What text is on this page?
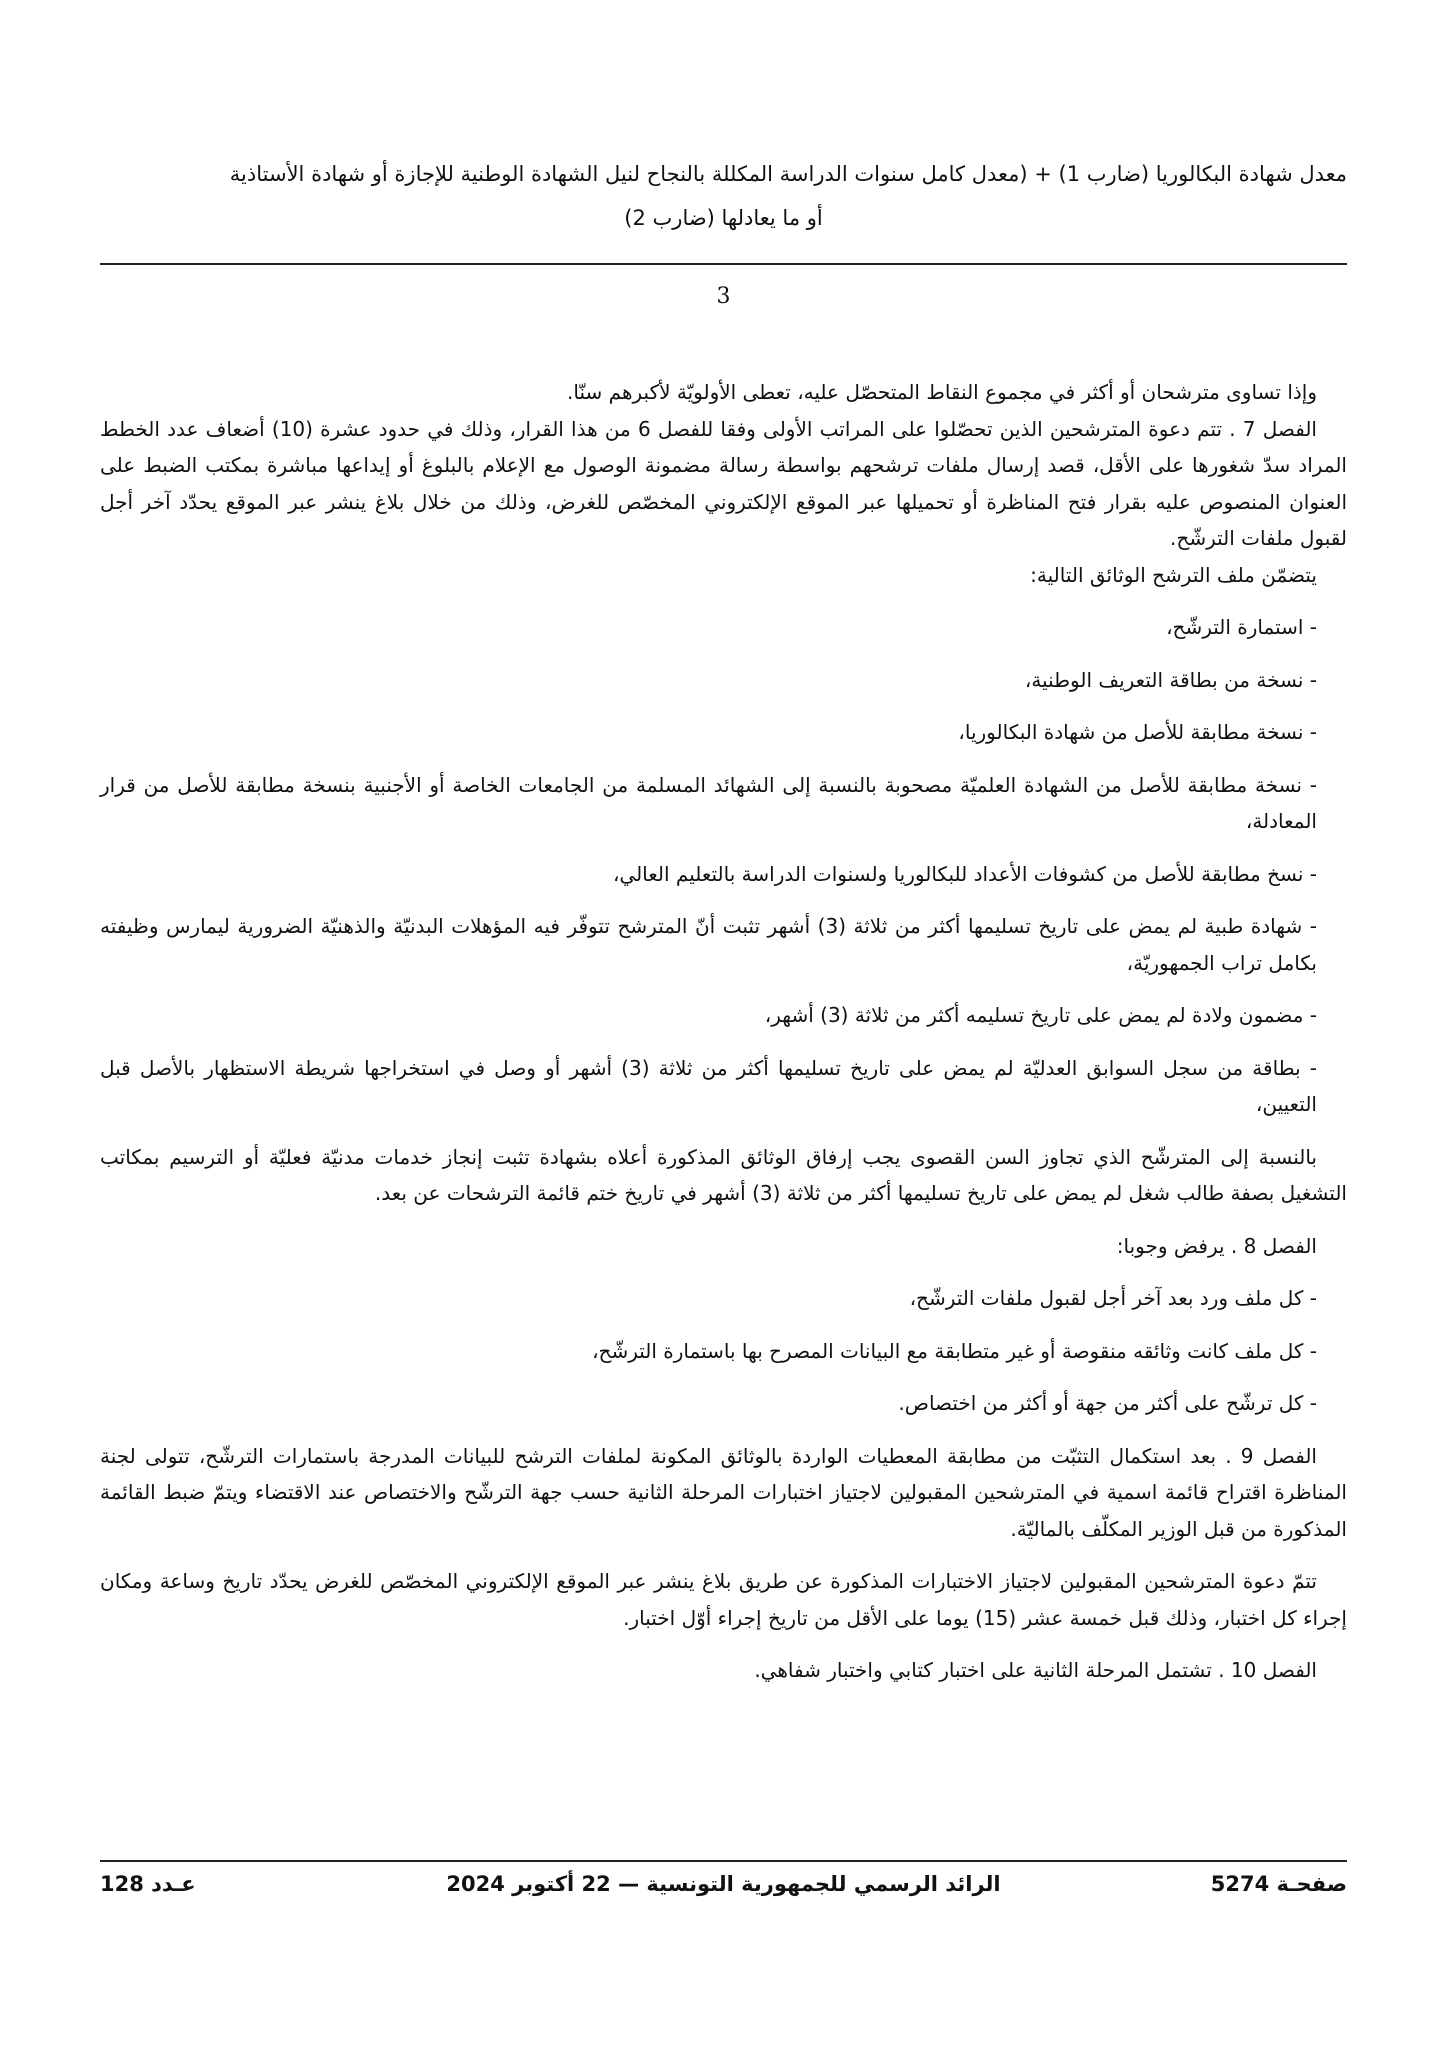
معدل شهادة البكالوريا (ضارب 1) + (معدل كامل سنوات الدراسة المكللة بالنجاح لنيل الشهادة الوطنية للإجازة أو شهادة الأستاذية
أو ما يعادلها (ضارب 2)
3

وإذا تساوى مترشحان أو أكثر في مجموع النقاط المتحصّل عليه، تعطى الأولويّة لأكبرهم سنّا.

الفصل 7 . تتم دعوة المترشحين الذين تحصّلوا على المراتب الأولى وفقا للفصل 6 من هذا القرار، وذلك في حدود عشرة (10) أضعاف عدد الخطط المراد سدّ شغورها على الأقل، قصد إرسال ملفات ترشحهم بواسطة رسالة مضمونة الوصول مع الإعلام بالبلوغ أو إيداعها مباشرة بمكتب الضبط على العنوان المنصوص عليه بقرار فتح المناظرة أو تحميلها عبر الموقع الإلكتروني المخصّص للغرض، وذلك من خلال بلاغ ينشر عبر الموقع يحدّد آخر أجل لقبول ملفات الترشّح.

يتضمّن ملف الترشح الوثائق التالية:

- استمارة الترشّح،

- نسخة من بطاقة التعريف الوطنية،

- نسخة مطابقة للأصل من شهادة البكالوريا،

- نسخة مطابقة للأصل من الشهادة العلميّة مصحوبة بالنسبة إلى الشهائد المسلمة من الجامعات الخاصة أو الأجنبية بنسخة مطابقة للأصل من قرار المعادلة،

- نسخ مطابقة للأصل من كشوفات الأعداد للبكالوريا ولسنوات الدراسة بالتعليم العالي،

- شهادة طبية لم يمض على تاريخ تسليمها أكثر من ثلاثة (3) أشهر تثبت أنّ المترشح تتوفّر فيه المؤهلات البدنيّة والذهنيّة الضرورية ليمارس وظيفته بكامل تراب الجمهوريّة،

- مضمون ولادة لم يمض على تاريخ تسليمه أكثر من ثلاثة (3) أشهر،

- بطاقة من سجل السوابق العدليّة لم يمض على تاريخ تسليمها أكثر من ثلاثة (3) أشهر أو وصل في استخراجها شريطة الاستظهار بالأصل قبل التعيين،

بالنسبة إلى المترشّح الذي تجاوز السن القصوى يجب إرفاق الوثائق المذكورة أعلاه بشهادة تثبت إنجاز خدمات مدنيّة فعليّة أو الترسيم بمكاتب التشغيل بصفة طالب شغل لم يمض على تاريخ تسليمها أكثر من ثلاثة (3) أشهر في تاريخ ختم قائمة الترشحات عن بعد.

الفصل 8 . يرفض وجوبا:

- كل ملف ورد بعد آخر أجل لقبول ملفات الترشّح،

- كل ملف كانت وثائقه منقوصة أو غير متطابقة مع البيانات المصرح بها باستمارة الترشّح،

- كل ترشّح على أكثر من جهة أو أكثر من اختصاص.

الفصل 9 . بعد استكمال التثبّت من مطابقة المعطيات الواردة بالوثائق المكونة لملفات الترشح للبيانات المدرجة باستمارات الترشّح، تتولى لجنة المناظرة اقتراح قائمة اسمية في المترشحين المقبولين لاجتياز اختبارات المرحلة الثانية حسب جهة الترشّح والاختصاص عند الاقتضاء ويتمّ ضبط القائمة المذكورة من قبل الوزير المكلّف بالماليّة.

تتمّ دعوة المترشحين المقبولين لاجتياز الاختبارات المذكورة عن طريق بلاغ ينشر عبر الموقع الإلكتروني المخصّص للغرض يحدّد تاريخ وساعة ومكان إجراء كل اختبار، وذلك قبل خمسة عشر (15) يوما على الأقل من تاريخ إجراء أوّل اختبار.

الفصل 10 . تشتمل المرحلة الثانية على اختبار كتابي واختبار شفاهي.

صفحـة 5274
الرائد الرسمي للجمهورية التونسية — 22 أكتوبر 2024
عـدد 128
